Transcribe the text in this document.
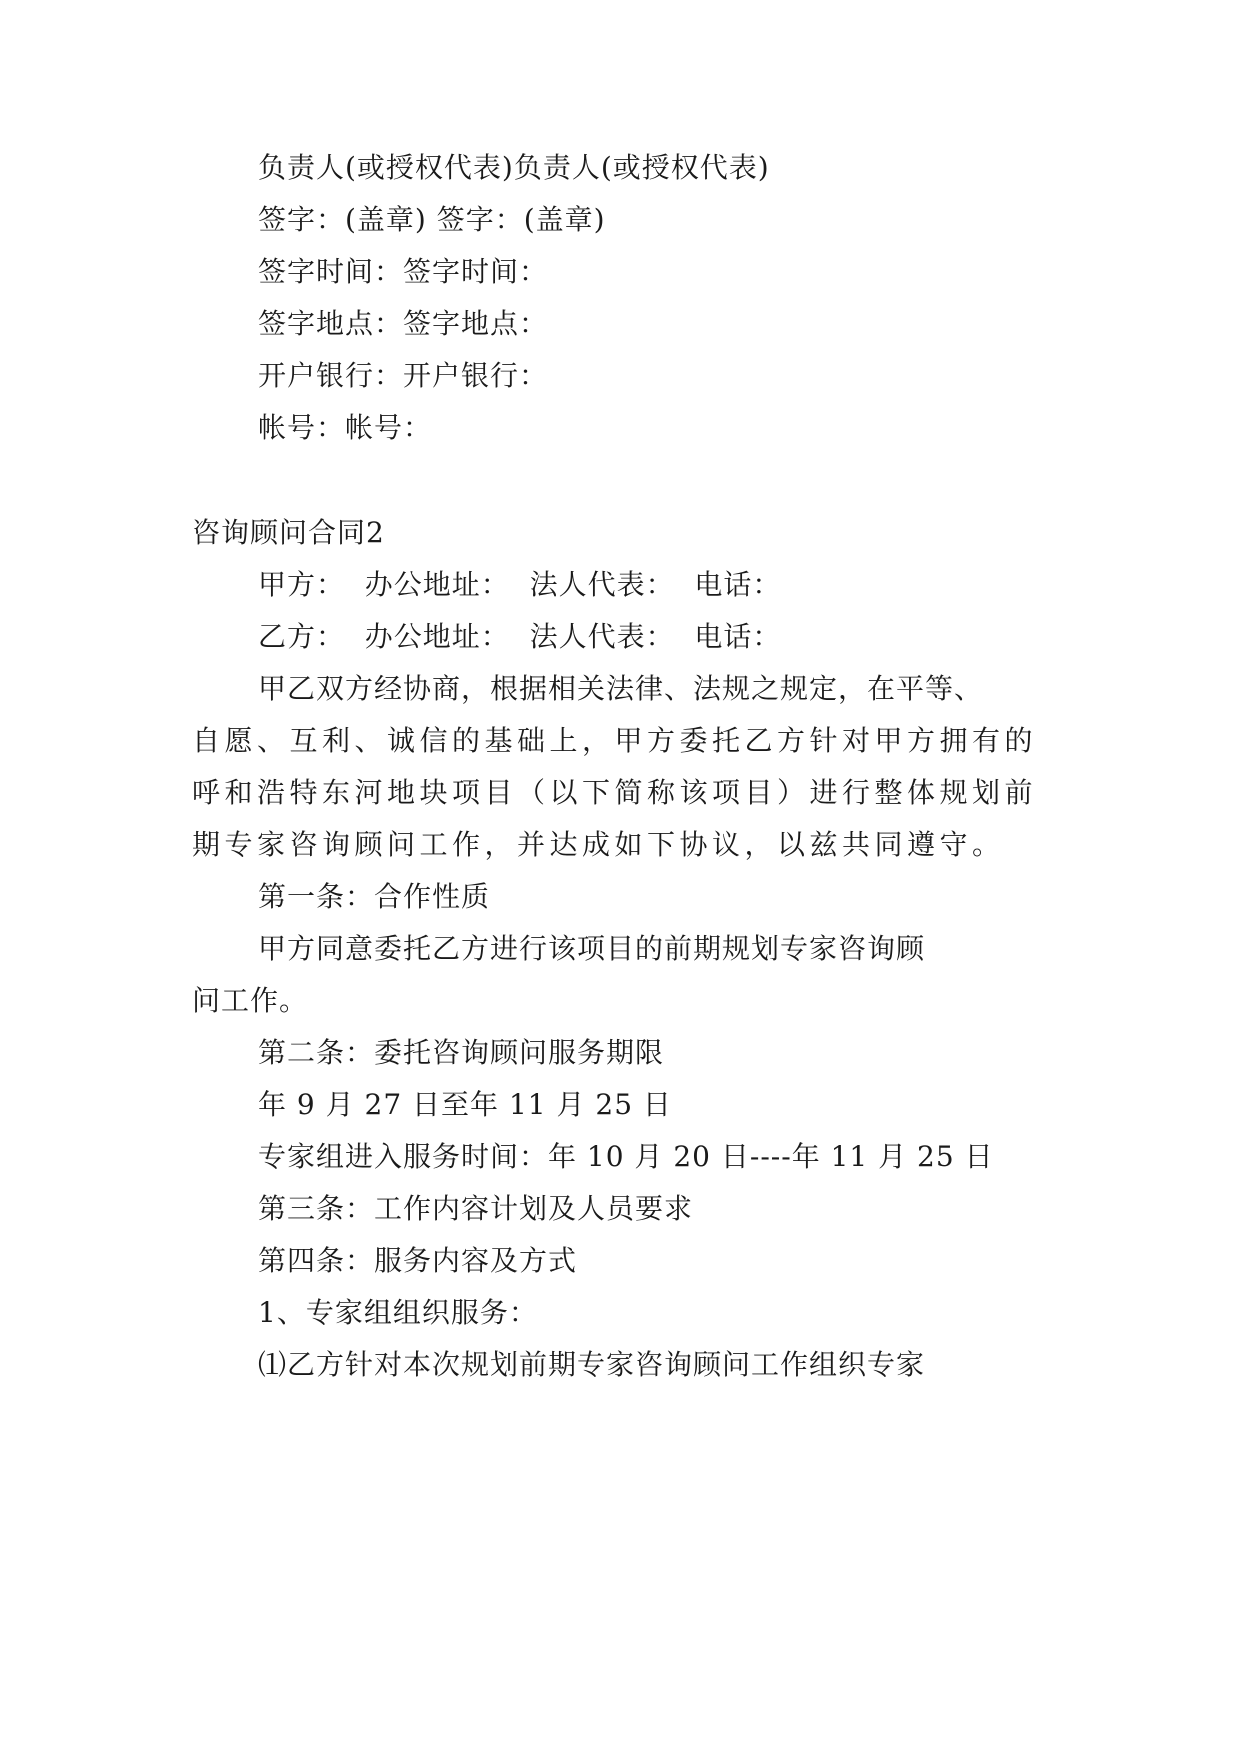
负责人(或授权代表)负责人(或授权代表)

签字：(盖章) 签字：(盖章)

签字时间：签字时间：

签字地点：签字地点：

开户银行：开户银行：

帐号：帐号：

咨询顾问合同2

甲方：  办公地址：  法人代表：  电话：

乙方：  办公地址：  法人代表：  电话：

甲乙双方经协商，根据相关法律、法规之规定，在平等、

自愿、互利、诚信的基础上，甲方委托乙方针对甲方拥有的

呼和浩特东河地块项目（以下简称该项目）进行整体规划前

期专家咨询顾问工作，并达成如下协议，以兹共同遵守。

第一条：合作性质

甲方同意委托乙方进行该项目的前期规划专家咨询顾

问工作。

第二条：委托咨询顾问服务期限

年 9 月 27 日至年 11 月 25 日

专家组进入服务时间：年 10 月 20 日----年 11 月 25 日

第三条：工作内容计划及人员要求

第四条：服务内容及方式

1、专家组组织服务：

⑴乙方针对本次规划前期专家咨询顾问工作组织专家
